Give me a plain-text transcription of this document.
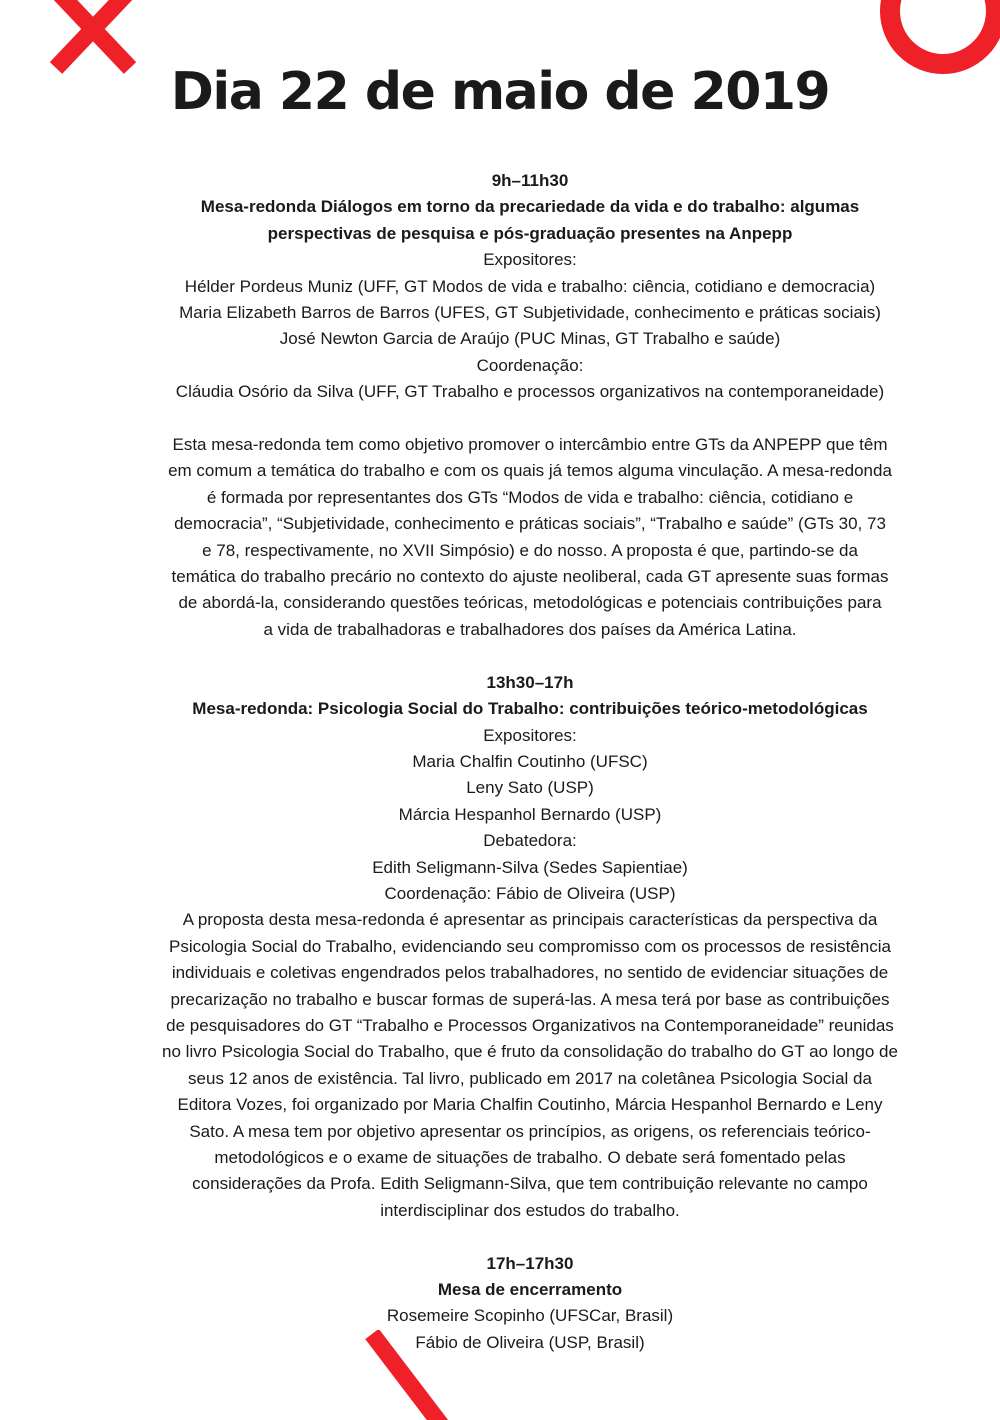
Dia 22 de maio de 2019
9h–11h30
Mesa-redonda Diálogos em torno da precariedade da vida e do trabalho: algumas
perspectivas de pesquisa e pós-graduação presentes na Anpepp
Expositores:
Hélder Pordeus Muniz (UFF, GT Modos de vida e trabalho: ciência, cotidiano e democracia)
Maria Elizabeth Barros de Barros (UFES, GT Subjetividade, conhecimento e práticas sociais)
José Newton Garcia de Araújo (PUC Minas, GT Trabalho e saúde)
Coordenação:
Cláudia Osório da Silva (UFF, GT Trabalho e processos organizativos na contemporaneidade)
Esta mesa-redonda tem como objetivo promover o intercâmbio entre GTs da ANPEPP que têm
em comum a temática do trabalho e com os quais já temos alguma vinculação. A mesa-redonda
é formada por representantes dos GTs “Modos de vida e trabalho: ciência, cotidiano e
democracia”, “Subjetividade, conhecimento e práticas sociais”, “Trabalho e saúde” (GTs 30, 73
e 78, respectivamente, no XVII Simpósio) e do nosso. A proposta é que, partindo-se da
temática do trabalho precário no contexto do ajuste neoliberal, cada GT apresente suas formas
de abordá-la, considerando questões teóricas, metodológicas e potenciais contribuições para
a vida de trabalhadoras e trabalhadores dos países da América Latina.
13h30–17h
Mesa-redonda: Psicologia Social do Trabalho: contribuições teórico-metodológicas
Expositores:
Maria Chalfin Coutinho (UFSC)
Leny Sato (USP)
Márcia Hespanhol Bernardo (USP)
Debatedora:
Edith Seligmann-Silva (Sedes Sapientiae)
Coordenação: Fábio de Oliveira (USP)
A proposta desta mesa-redonda é apresentar as principais características da perspectiva da
Psicologia Social do Trabalho, evidenciando seu compromisso com os processos de resistência
individuais e coletivas engendrados pelos trabalhadores, no sentido de evidenciar situações de
precarização no trabalho e buscar formas de superá-las. A mesa terá por base as contribuições
de pesquisadores do GT “Trabalho e Processos Organizativos na Contemporaneidade” reunidas
no livro Psicologia Social do Trabalho, que é fruto da consolidação do trabalho do GT ao longo de
seus 12 anos de existência. Tal livro, publicado em 2017 na coletânea Psicologia Social da
Editora Vozes, foi organizado por Maria Chalfin Coutinho, Márcia Hespanhol Bernardo e Leny
Sato. A mesa tem por objetivo apresentar os princípios, as origens, os referenciais teórico-
metodológicos e o exame de situações de trabalho. O debate será fomentado pelas
considerações da Profa. Edith Seligmann-Silva, que tem contribuição relevante no campo
interdisciplinar dos estudos do trabalho.
17h–17h30
Mesa de encerramento
Rosemeire Scopinho (UFSCar, Brasil)
Fábio de Oliveira (USP, Brasil)
